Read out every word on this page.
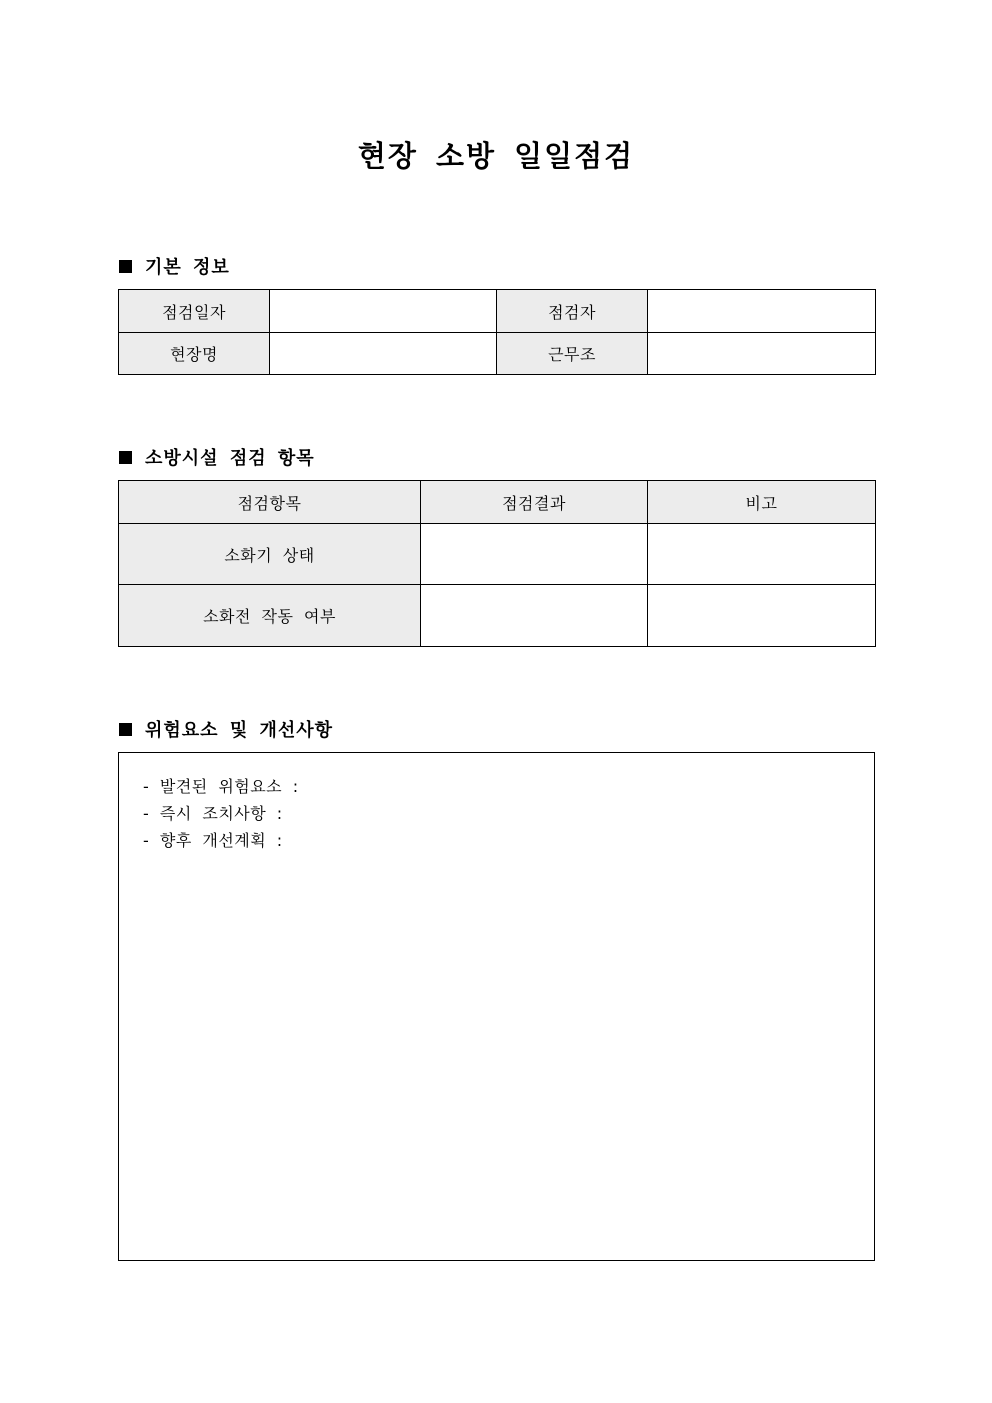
현장 소방 일일점검
기본 정보
점검일자		점검자	
현장명		근무조	
소방시설 점검 항목
점검항목	점검결과	비고
소화기 상태		
소화전 작동 여부		
위험요소 및 개선사항
- 발견된 위험요소 :
- 즉시 조치사항 :
- 향후 개선계획 :
